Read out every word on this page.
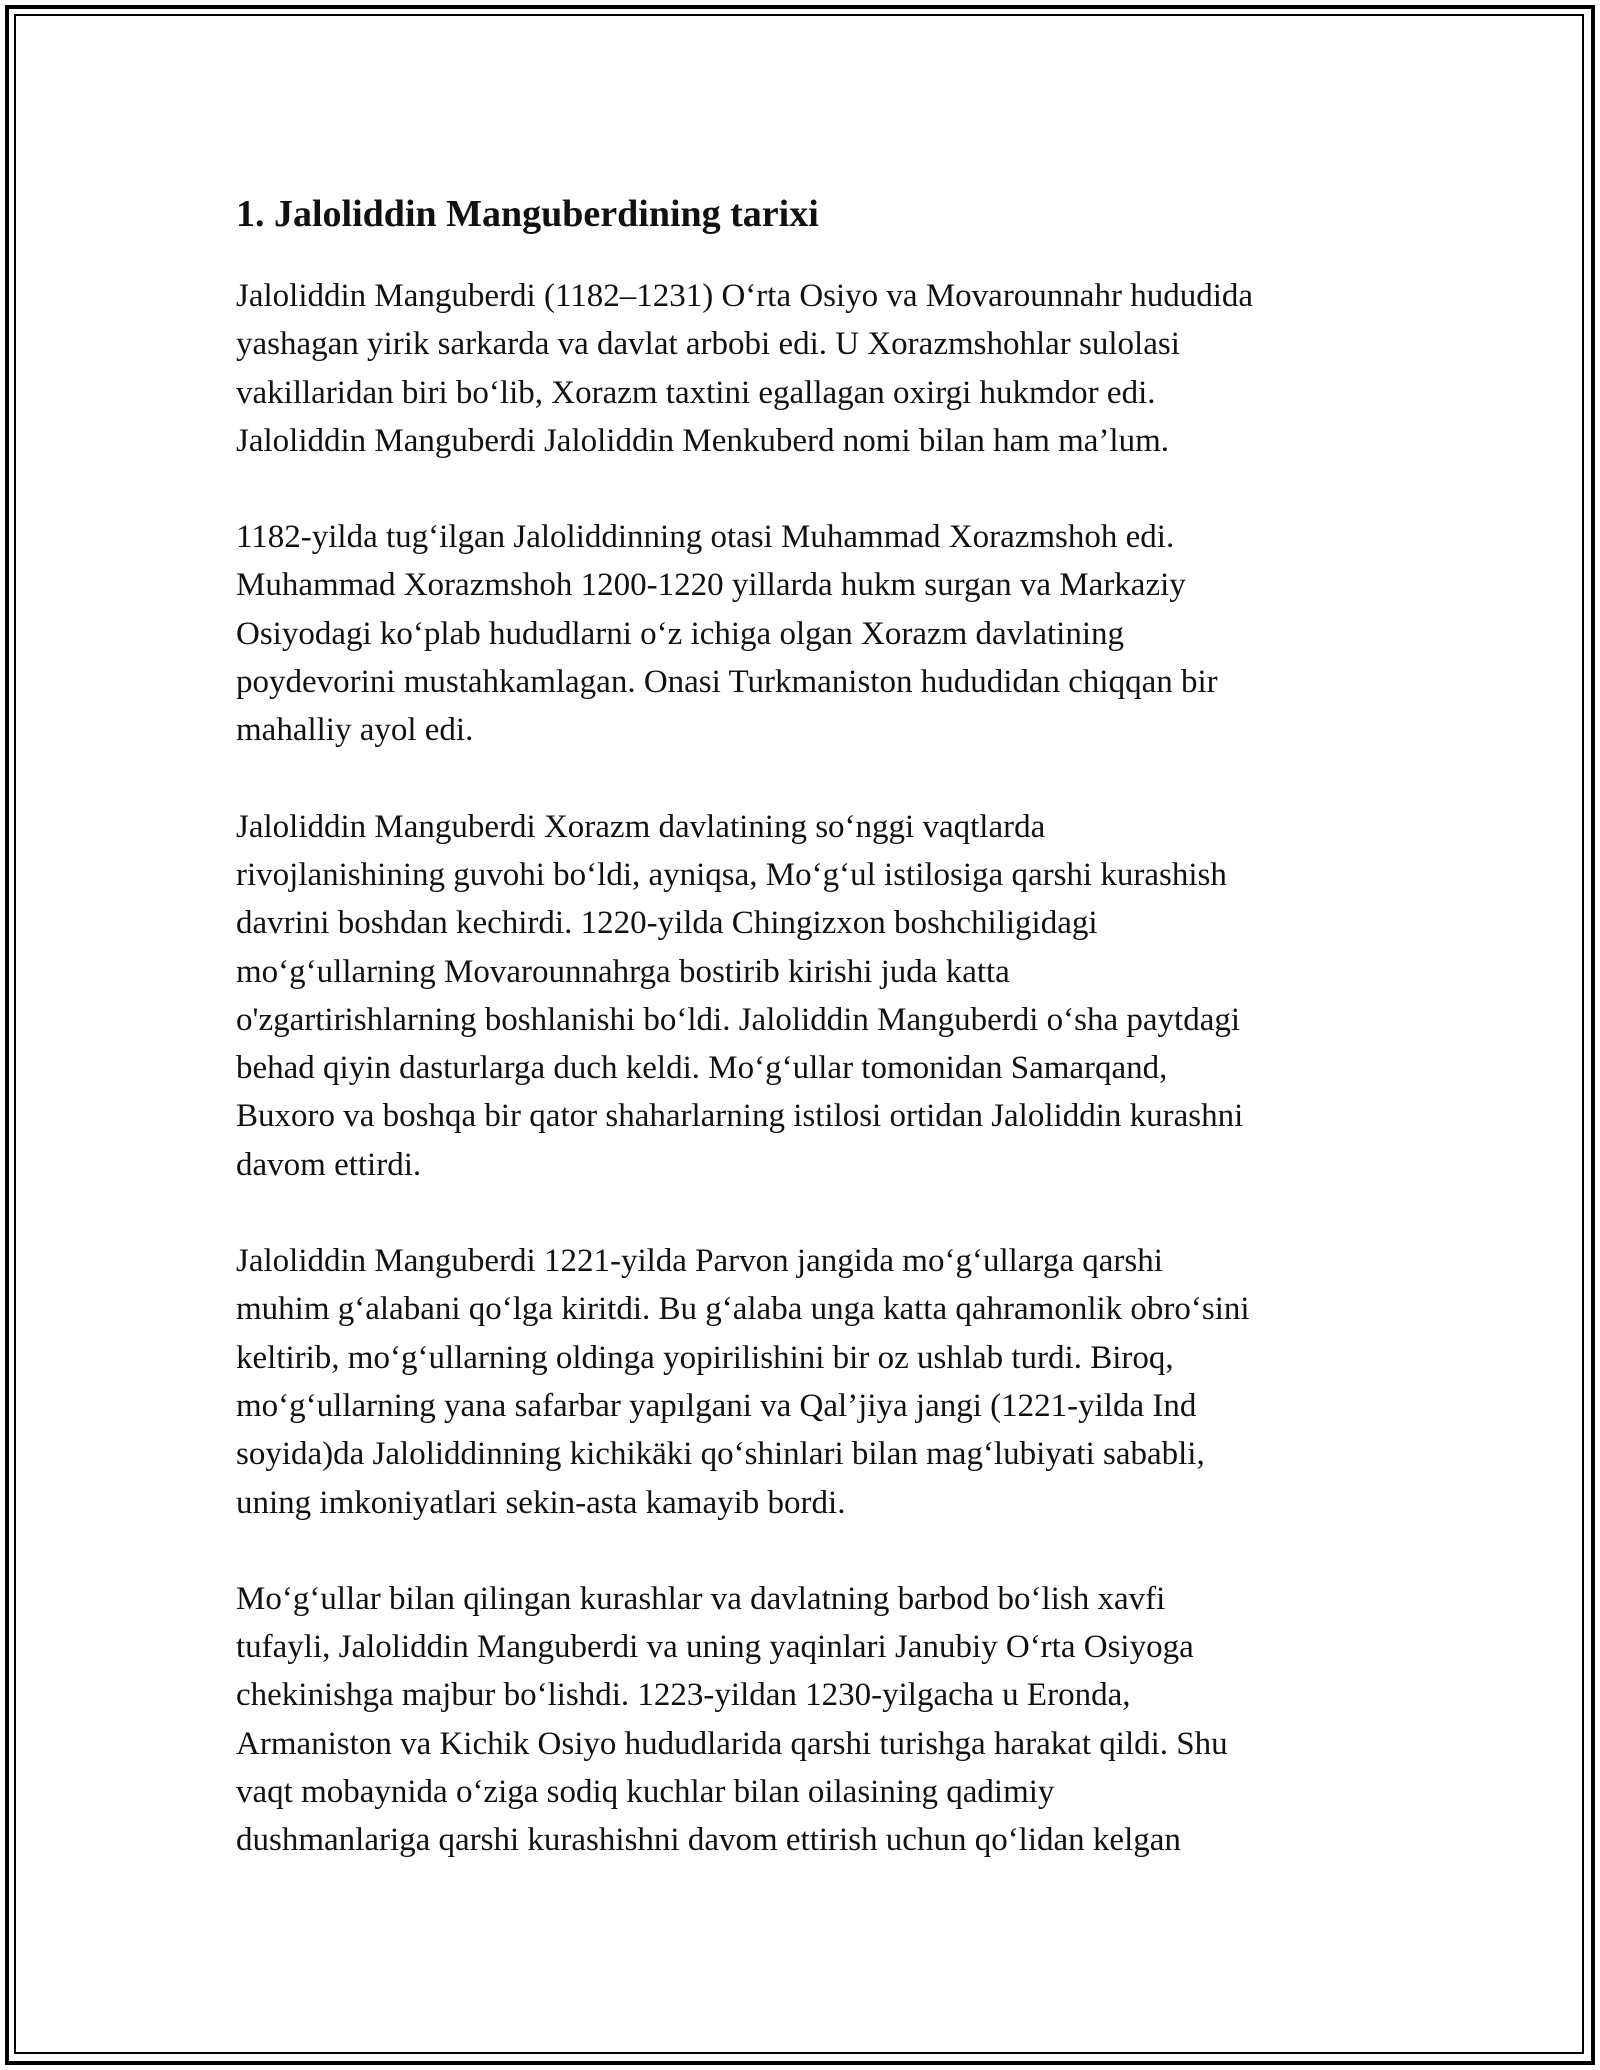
1. Jaloliddin Manguberdining tarixi

Jaloliddin Manguberdi (1182–1231) O‘rta Osiyo va Movarounnahr hududida
yashagan yirik sarkarda va davlat arbobi edi. U Xorazmshohlar sulolasi
vakillaridan biri bo‘lib, Xorazm taxtini egallagan oxirgi hukmdor edi.
Jaloliddin Manguberdi Jaloliddin Menkuberd nomi bilan ham ma’lum.

1182-yilda tug‘ilgan Jaloliddinning otasi Muhammad Xorazmshoh edi.
Muhammad Xorazmshoh 1200-1220 yillarda hukm surgan va Markaziy
Osiyodagi ko‘plab hududlarni o‘z ichiga olgan Xorazm davlatining
poydevorini mustahkamlagan. Onasi Turkmaniston hududidan chiqqan bir
mahalliy ayol edi.

Jaloliddin Manguberdi Xorazm davlatining so‘nggi vaqtlarda
rivojlanishining guvohi bo‘ldi, ayniqsa, Mo‘g‘ul istilosiga qarshi kurashish
davrini boshdan kechirdi. 1220-yilda Chingizxon boshchiligidagi
mo‘g‘ullarning Movarounnahrga bostirib kirishi juda katta
o'zgartirishlarning boshlanishi bo‘ldi. Jaloliddin Manguberdi o‘sha paytdagi
behad qiyin dasturlarga duch keldi. Mo‘g‘ullar tomonidan Samarqand,
Buxoro va boshqa bir qator shaharlarning istilosi ortidan Jaloliddin kurashni
davom ettirdi.

Jaloliddin Manguberdi 1221-yilda Parvon jangida mo‘g‘ullarga qarshi
muhim g‘alabani qo‘lga kiritdi. Bu g‘alaba unga katta qahramonlik obro‘sini
keltirib, mo‘g‘ullarning oldinga yopirilishini bir oz ushlab turdi. Biroq,
mo‘g‘ullarning yana safarbar yapılgani va Qal’jiya jangi (1221-yilda Ind
soyida)da Jaloliddinning kichikäki qo‘shinlari bilan mag‘lubiyati sababli,
uning imkoniyatlari sekin-asta kamayib bordi.

Mo‘g‘ullar bilan qilingan kurashlar va davlatning barbod bo‘lish xavfi
tufayli, Jaloliddin Manguberdi va uning yaqinlari Janubiy O‘rta Osiyoga
chekinishga majbur bo‘lishdi. 1223-yildan 1230-yilgacha u Eronda,
Armaniston va Kichik Osiyo hududlarida qarshi turishga harakat qildi. Shu
vaqt mobaynida o‘ziga sodiq kuchlar bilan oilasining qadimiy
dushmanlariga qarshi kurashishni davom ettirish uchun qo‘lidan kelgan
